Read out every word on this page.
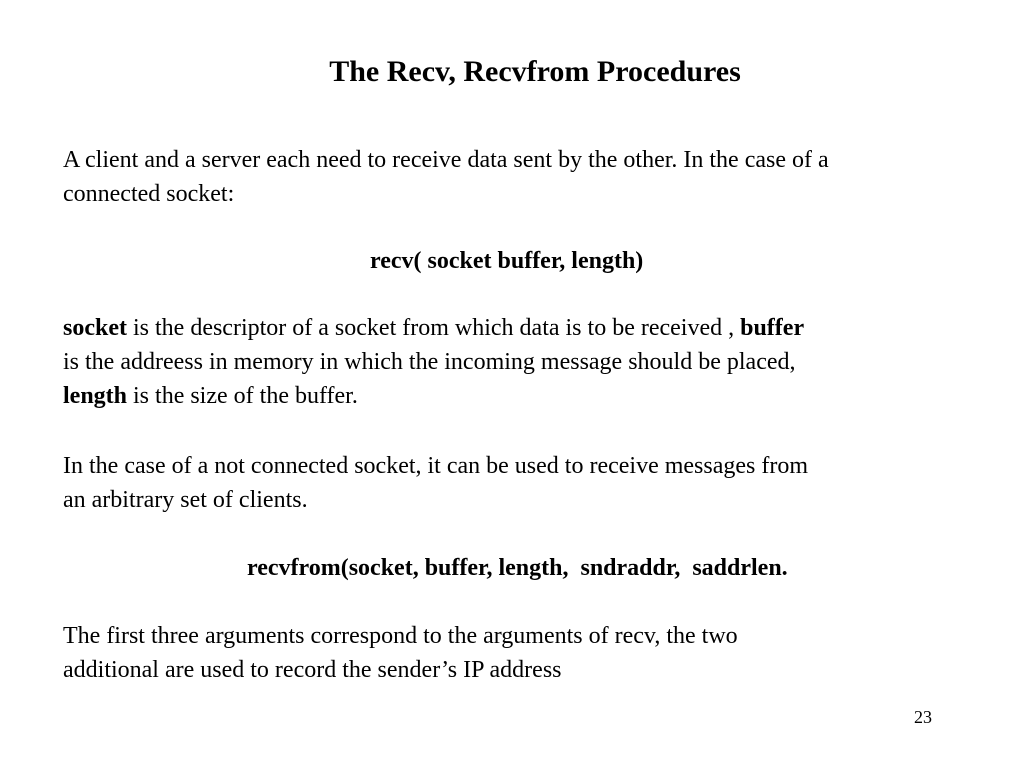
The Recv, Recvfrom Procedures

A client and a server each need to receive data sent by the other. In the case of a
connected socket:

recv( socket buffer, length)

socket is the descriptor of a socket from which data is to be received , buffer
is the addreess in memory in which the incoming message should be placed,
length is the size of the buffer.

In the case of a not connected socket, it can be used to receive messages from
an arbitrary set of clients.

recvfrom(socket, buffer, length,  sndraddr,  saddrlen.

The first three arguments correspond to the arguments of recv, the two
additional are used to record the sender’s IP address

23
